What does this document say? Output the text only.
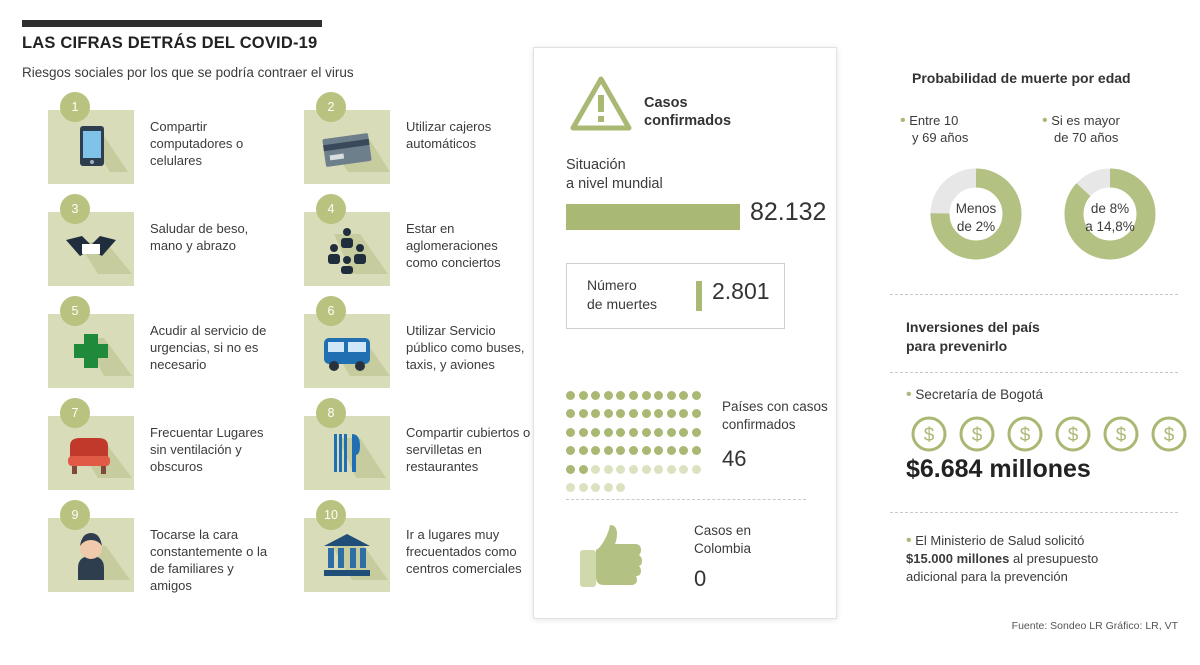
LAS CIFRAS DETRÁS DEL COVID-19
Riesgos sociales por los que se podría contraer el virus
1
Compartir computadores o celulares
2
Utilizar cajeros automáticos
3
Saludar de beso, mano y abrazo
4
Estar en aglomeraciones como conciertos
5
Acudir al servicio de urgencias, si no es necesario
6
Utilizar Servicio público como buses, taxis, y aviones
7
Frecuentar Lugares sin ventilación y obscuros
8
Compartir cubiertos o servilletas en restaurantes
9
Tocarse la cara constantemente o la de familiares y amigos
10
Ir a lugares muy frecuentados como centros comerciales
Casos
confirmados
Situación
a nivel mundial
82.132
Número
de muertes 2.801
Países con casos
confirmados
46
Casos en
Colombia
0
Probabilidad de muerte por edad
• Entre 10
y 69 años
• Si es mayor
de 70 años
Menos
de 2%
de 8%
a 14,8%
Inversiones del país
para prevenirlo
• Secretaría de Bogotá
$ $ $ $ $ $
$6.684 millones
• El Ministerio de Salud solicitó
$15.000 millones al presupuesto
adicional para la prevención
Fuente: Sondeo LR Gráfico: LR, VT
